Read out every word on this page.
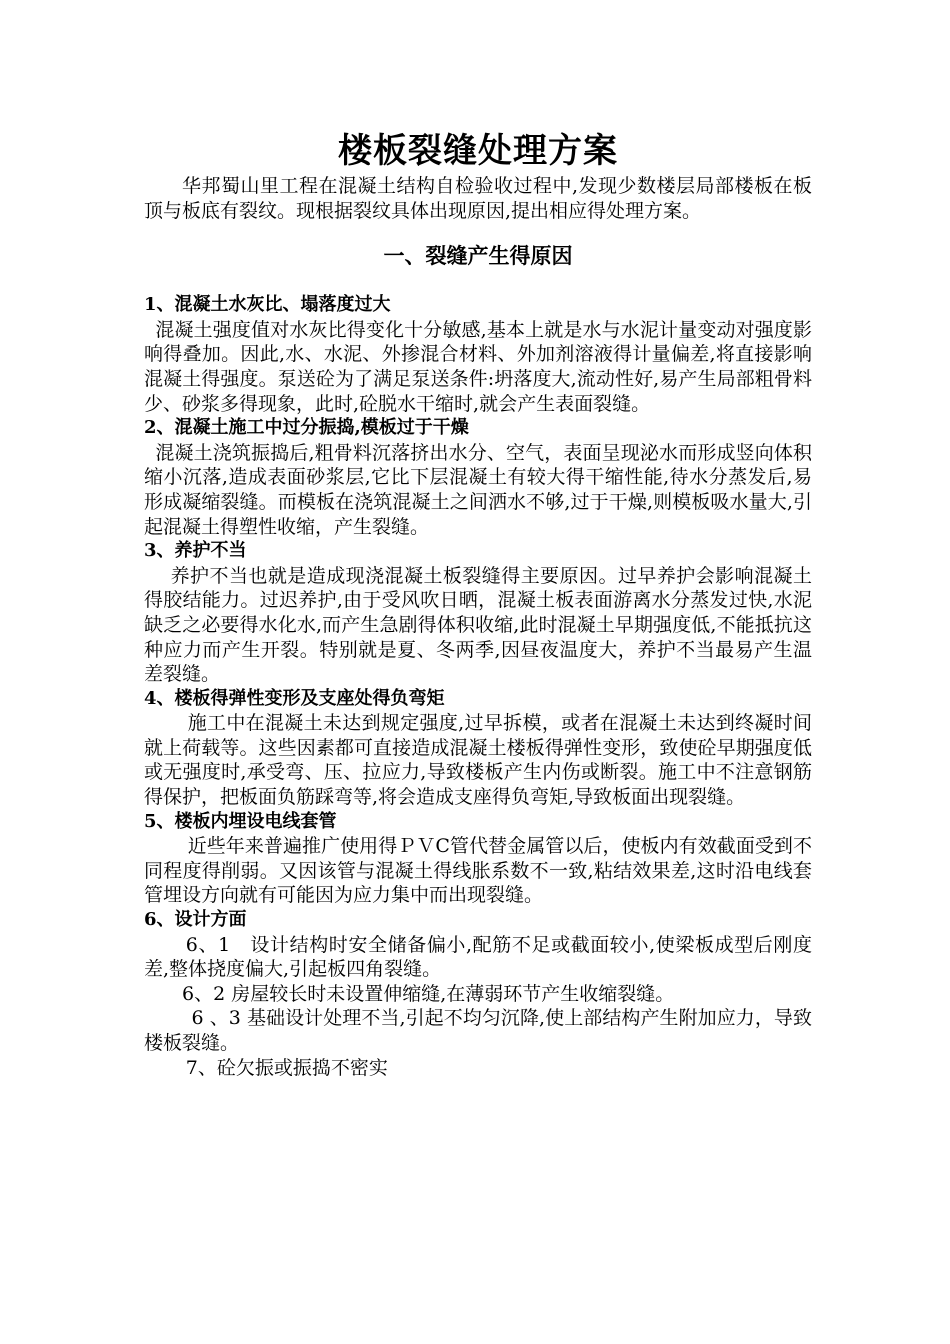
楼板裂缝处理方案

华邦蜀山里工程在混凝土结构自检验收过程中,发现少数楼层局部楼板在板顶与板底有裂纹。现根据裂纹具体出现原因,提出相应得处理方案。

一、裂缝产生得原因

1、混凝土水灰比、塌落度过大

混凝土强度值对水灰比得变化十分敏感,基本上就是水与水泥计量变动对强度影响得叠加。因此,水、水泥、外掺混合材料、外加剂溶液得计量偏差,将直接影响混凝土得强度。泵送砼为了满足泵送条件:坍落度大,流动性好,易产生局部粗骨料少、砂浆多得现象，此时,砼脱水干缩时,就会产生表面裂缝。

2、混凝土施工中过分振捣,模板过于干燥

混凝土浇筑振捣后,粗骨料沉落挤出水分、空气，表面呈现泌水而形成竖向体积缩小沉落,造成表面砂浆层,它比下层混凝土有较大得干缩性能,待水分蒸发后,易形成凝缩裂缝。而模板在浇筑混凝土之间洒水不够,过于干燥,则模板吸水量大,引起混凝土得塑性收缩，产生裂缝。

3、养护不当

养护不当也就是造成现浇混凝土板裂缝得主要原因。过早养护会影响混凝土得胶结能力。过迟养护,由于受风吹日晒，混凝土板表面游离水分蒸发过快,水泥缺乏之必要得水化水,而产生急剧得体积收缩,此时混凝土早期强度低,不能抵抗这种应力而产生开裂。特别就是夏、冬两季,因昼夜温度大，养护不当最易产生温差裂缝。

4、楼板得弹性变形及支座处得负弯矩

施工中在混凝土未达到规定强度,过早拆模，或者在混凝土未达到终凝时间就上荷载等。这些因素都可直接造成混凝土楼板得弹性变形，致使砼早期强度低或无强度时,承受弯、压、拉应力,导致楼板产生内伤或断裂。施工中不注意钢筋得保护，把板面负筋踩弯等,将会造成支座得负弯矩,导致板面出现裂缝。

5、楼板内埋设电线套管

近些年来普遍推广使用得ＰＶC管代替金属管以后，使板内有效截面受到不同程度得削弱。又因该管与混凝土得线胀系数不一致,粘结效果差,这时沿电线套管埋设方向就有可能因为应力集中而出现裂缝。

6、设计方面

6、1　设计结构时安全储备偏小,配筋不足或截面较小,使梁板成型后刚度差,整体挠度偏大,引起板四角裂缝。

6、2 房屋较长时未设置伸缩缝,在薄弱环节产生收缩裂缝。

6 、3 基础设计处理不当,引起不均匀沉降,使上部结构产生附加应力，导致楼板裂缝。

7、砼欠振或振捣不密实
